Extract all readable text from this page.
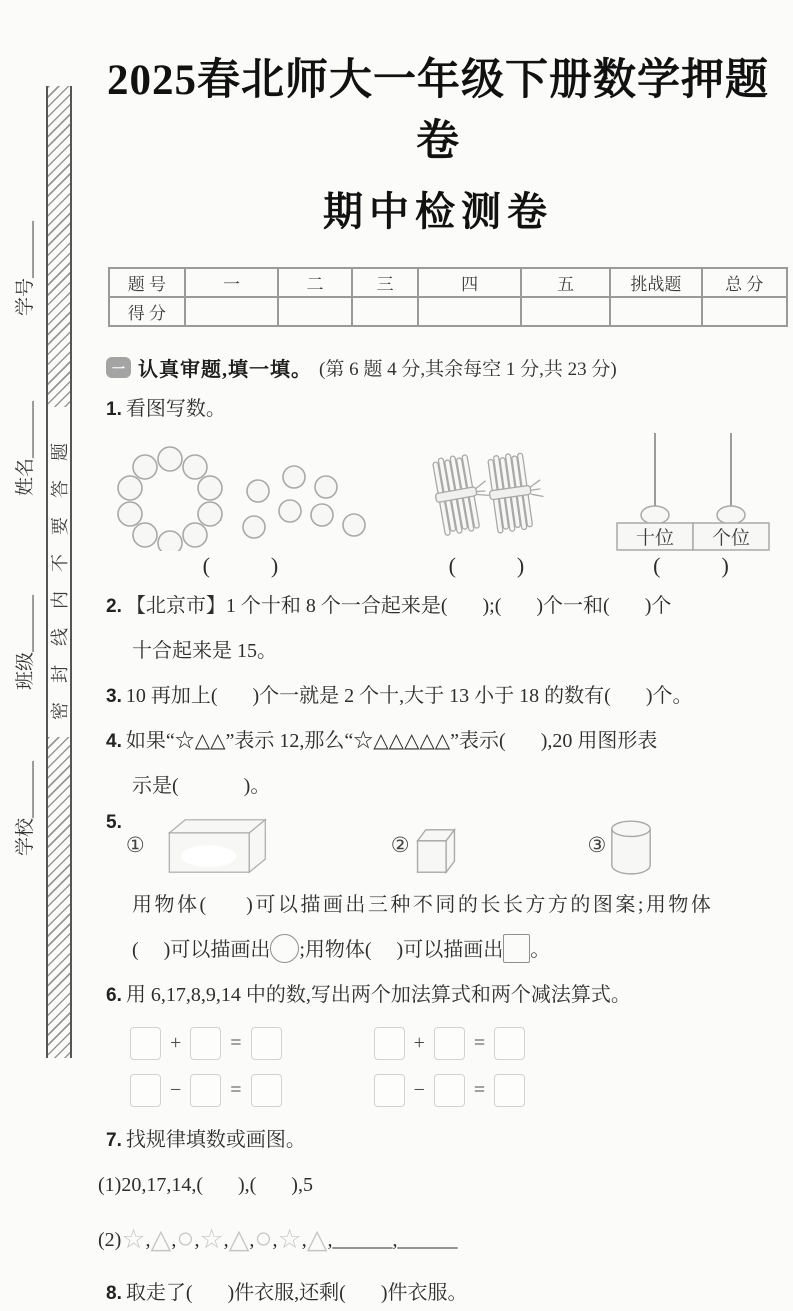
学号______
姓名______
班级______
学校______
密封线内不要答题
2025春北师大一年级下册数学押题卷
期中检测卷
题 号	一	二	三	四	五	挑战题	总 分
得 分							
一 认真审题,填一填。 (第 6 题 4 分,其余每空 1 分,共 23 分)
1. 看图写数。
(      )	(      )
十位 个位
(      )
2. 【北京市】1 个十和 8 个一合起来是(       );(       )个一和(       )个
十合起来是 15。
3. 10 再加上(       )个一就是 2 个十,大于 13 小于 18 的数有(       )个。
4. 如果“☆△△”表示 12,那么“☆△△△△△”表示(       ),20 用图形表
示是(             )。
5.
①	②	③
用物体(     )可以描画出三种不同的长长方方的图案;用物体
(     )可以描画出 ;用物体(     )可以描画出 。
6. 用 6,17,8,9,14 中的数,写出两个加法算式和两个减法算式。
+ =	+ =
− =	− =
7. 找规律填数或画图。
(1)20,17,14,(       ),(       ),5
(2)☆,△,○,☆,△,○,☆,△,______,______
8. 取走了(       )件衣服,还剩(       )件衣服。
